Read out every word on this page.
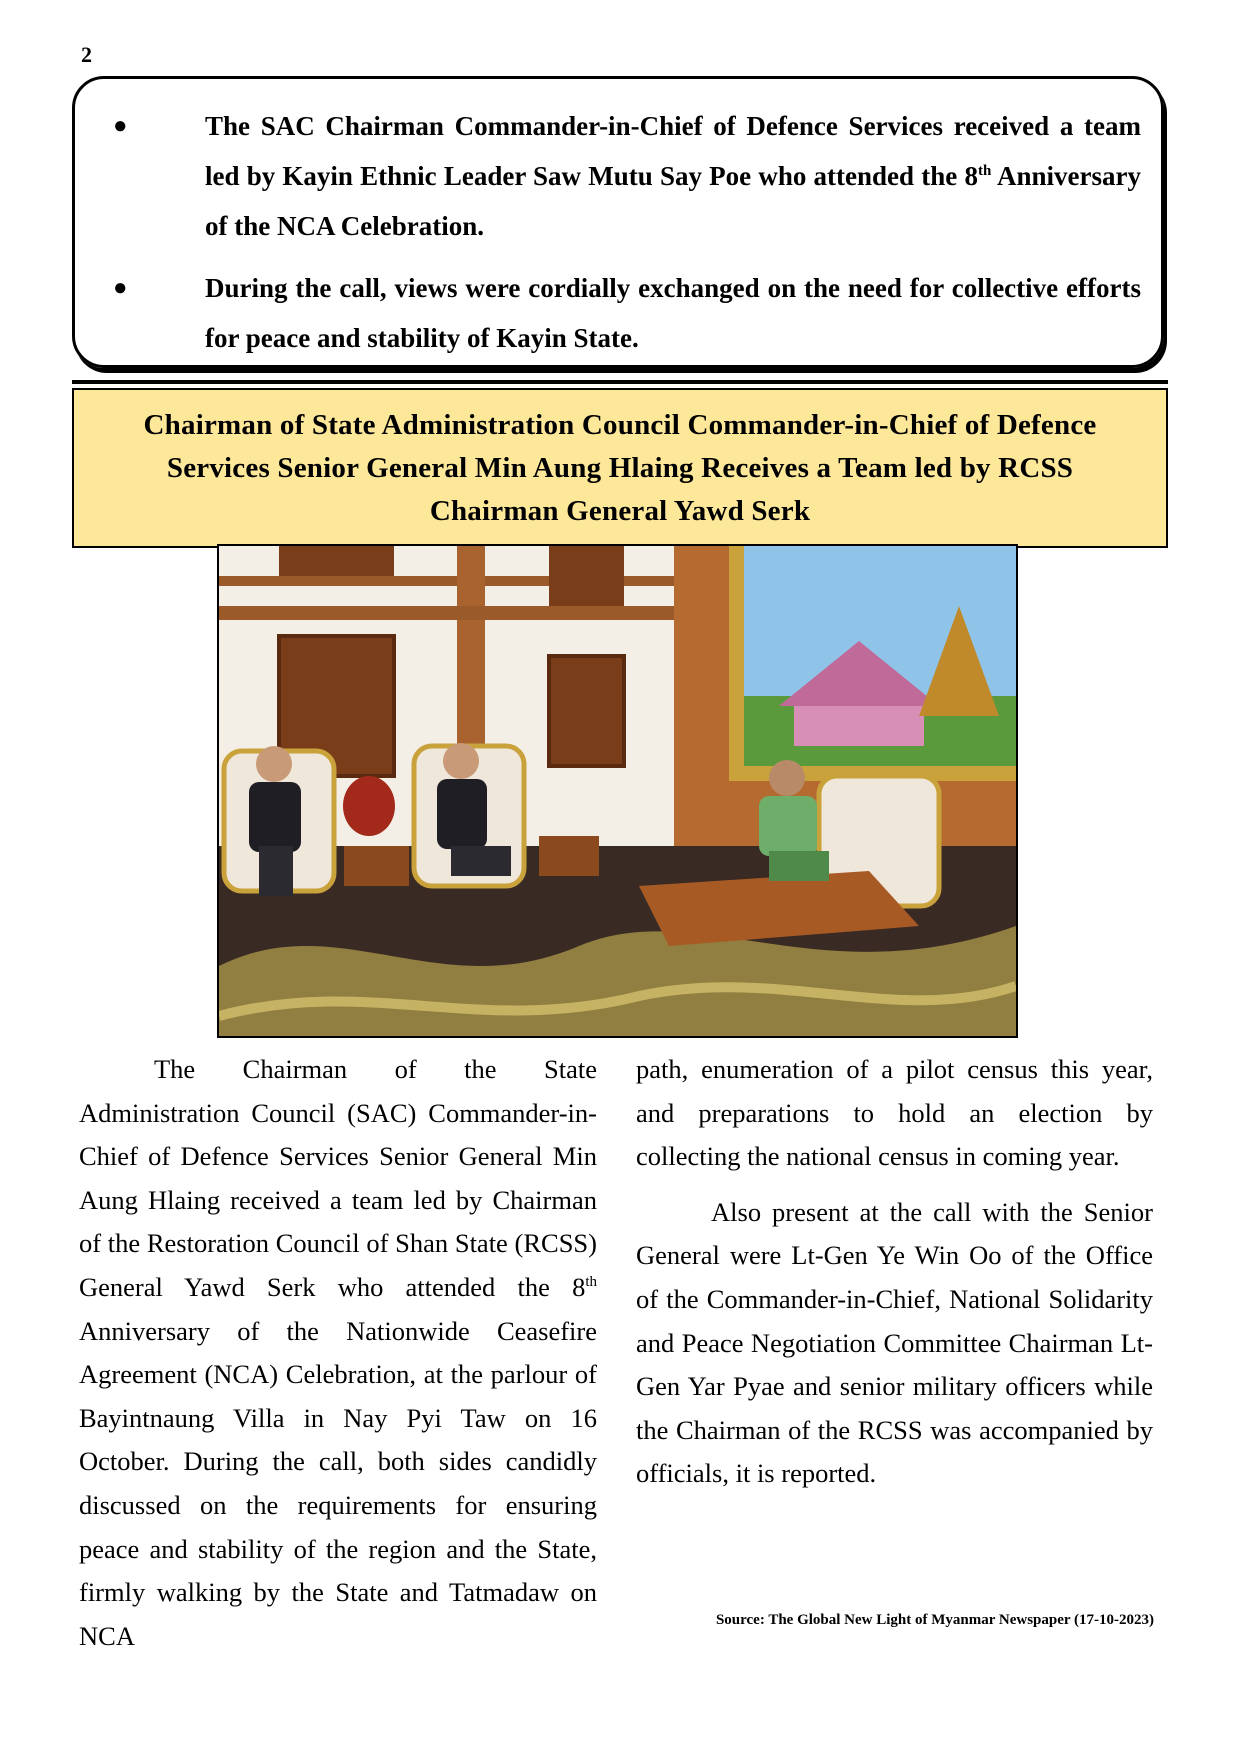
2
●	The SAC Chairman Commander-in-Chief of Defence Services received a team led by Kayin Ethnic Leader Saw Mutu Say Poe who attended the 8th Anniversary of the NCA Celebration.
●	During the call, views were cordially exchanged on the need for collective efforts for peace and stability of Kayin State.
Chairman of State Administration Council Commander-in-Chief of Defence Services Senior General Min Aung Hlaing Receives a Team led by RCSS Chairman General Yawd Serk

The Chairman of the State Administration Council (SAC) Commander-in-Chief of Defence Services Senior General Min Aung Hlaing received a team led by Chairman of the Restoration Council of Shan State (RCSS) General Yawd Serk who attended the 8th Anniversary of the Nationwide Ceasefire Agreement (NCA) Celebration, at the parlour of Bayintnaung Villa in Nay Pyi Taw on 16 October. During the call, both sides candidly discussed on the requirements for ensuring peace and stability of the region and the State, firmly walking by the State and Tatmadaw on NCA

path, enumeration of a pilot census this year, and preparations to hold an election by collecting the national census in coming year.

Also present at the call with the Senior General were Lt-Gen Ye Win Oo of the Office of the Commander-in-Chief, National Solidarity and Peace Negotiation Committee Chairman Lt-Gen Yar Pyae and senior military officers while the Chairman of the RCSS was accompanied by officials, it is reported.

Source: The Global New Light of Myanmar Newspaper (17-10-2023)
